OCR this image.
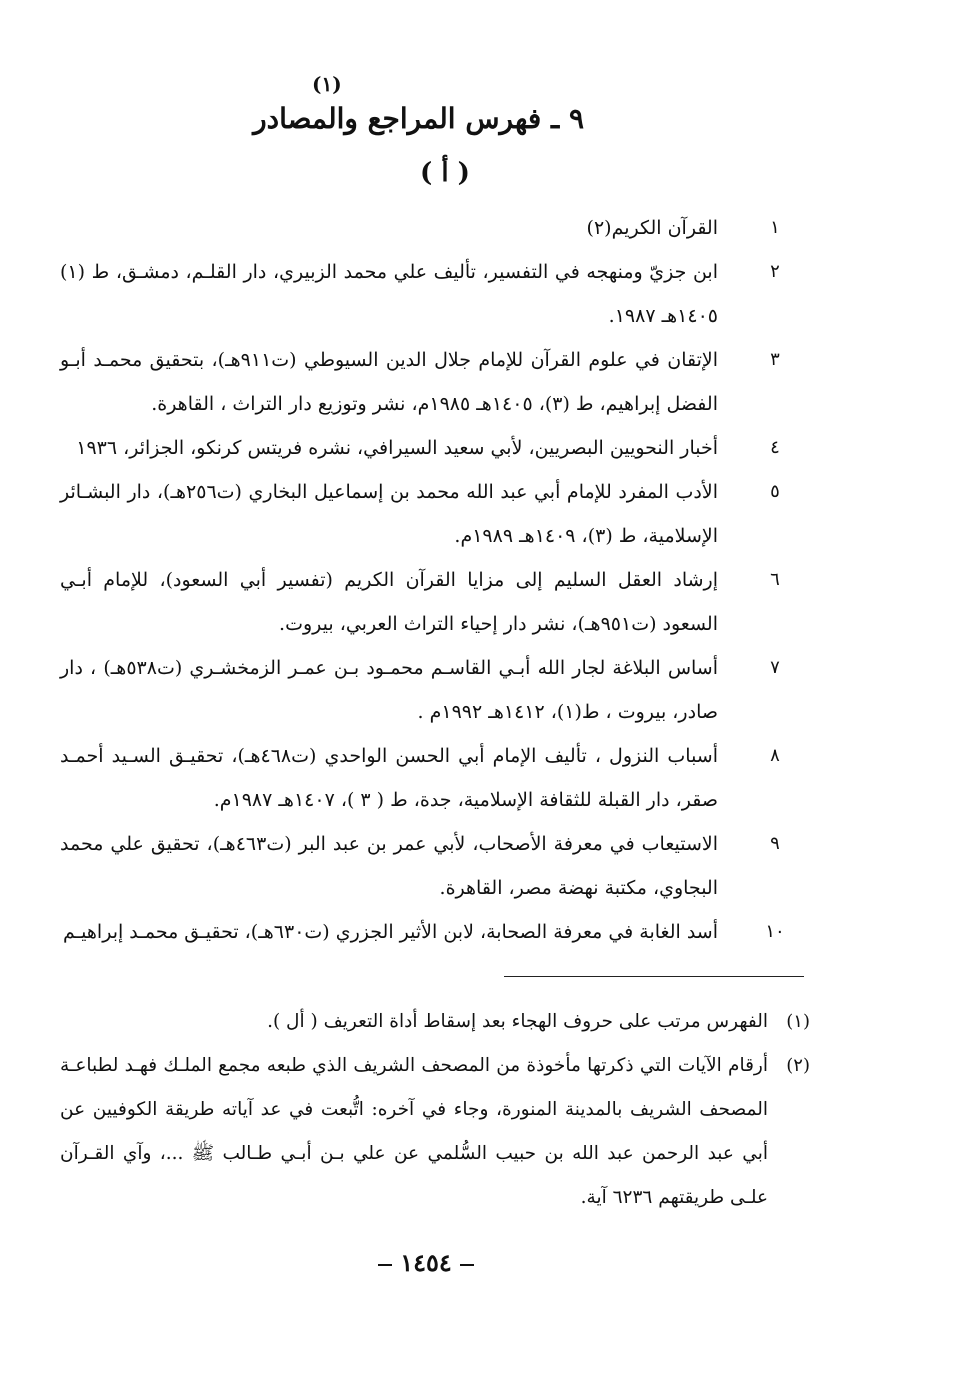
(١)
٩ ـ فهرس المراجع والمصادر
( أ )
١
القرآن الكريم(٢)
٢
ابن جزيّ ومنهجه في التفسير، تأليف علي محمد الزبيري، دار القلـم، دمشـق، ط (١) ١٤٠٥هـ ١٩٨٧.
٣
الإتقان في علوم القرآن للإمام جلال الدين السيوطي (ت٩١١هـ)، بتحقيق محمـد أبـو الفضل إبراهيم، ط (٣)، ١٤٠٥هـ ١٩٨٥م، نشر وتوزيع دار التراث ، القاهرة.
٤
أخبار النحويين البصريين، لأبي سعيد السيرافي، نشره فريتس كرنكو، الجزائر، ١٩٣٦
٥
الأدب المفرد للإمام أبي عبد الله محمد بن إسماعيل البخاري (ت٢٥٦هـ)، دار البشـائر الإسلامية، ط (٣)، ١٤٠٩هـ ١٩٨٩م.
٦
إرشاد العقل السليم إلى مزايا القرآن الكريم (تفسير أبي السعود)، للإمام أبـي السعود (ت٩٥١هـ)، نشر دار إحياء التراث العربي، بيروت.
٧
أساس البلاغة لجار الله أبـي القاسـم محمـود بـن عمـر الزمخشـري (ت٥٣٨هـ) ، دار صادر، بيروت ، ط(١)، ١٤١٢هـ ١٩٩٢م .
٨
أسباب النزول ، تأليف الإمام أبي الحسن الواحدي (ت٤٦٨هـ)، تحقيـق السـيد أحمـد صقر، دار القبلة للثقافة الإسلامية، جدة، ط ( ٣ )، ١٤٠٧هـ ١٩٨٧م.
٩
الاستيعاب في معرفة الأصحاب، لأبي عمر بن عبد البر (ت٤٦٣هـ)، تحقيق علي محمد البجاوي، مكتبة نهضة مصر، القاهرة.
١٠
أسد الغابة في معرفة الصحابة، لابن الأثير الجزري (ت٦٣٠هـ)، تحقيـق محمـد إبراهيـم
(١)
الفهرس مرتب على حروف الهجاء بعد إسقاط أداة التعريف ( أل ).
(٢)
أرقام الآيات التي ذكرتها مأخوذة من المصحف الشريف الذي طبعه مجمع الملـك فهـد لطباعـة المصحف الشريف بالمدينة المنورة، وجاء في آخره: اتُّبعت في عد آياته طريقة الكوفيين عن أبي عبد الرحمن عبد الله بن حبيب السُّلمي عن علي بـن أبـي طـالب ﷺ ...، وآي القـرآن علـى طريقتهم ٦٢٣٦ آية.
١٤٥٤
